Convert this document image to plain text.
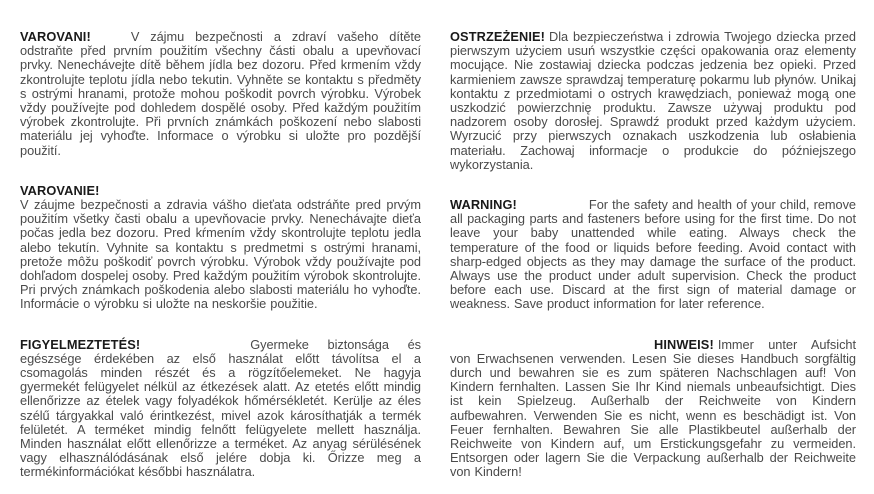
VAROVANI!	V zájmu bezpečnosti a zdraví vašeho dítěte odstraňte před prvním použitím všechny části obalu a upevňovací prvky. Nenechávejte dítě během jídla bez dozoru. Před krmením vždy zkontrolujte teplotu jídla nebo tekutin. Vyhněte se kontaktu s předměty s ostrými hranami, protože mohou poškodit povrch výrobku. Výrobek vždy používejte pod dohledem dospělé osoby. Před každým použitím výrobek zkontrolujte. Při prvních známkách poškození nebo slabosti materiálu jej vyhoďte. Informace o výrobku si uložte pro pozdější použití.

VAROVANIE!
V záujme bezpečnosti a zdravia vášho dieťata odstráňte pred prvým použitím všetky časti obalu a upevňovacie prvky. Nenechávajte dieťa počas jedla bez dozoru. Pred kŕmením vždy skontrolujte teplotu jedla alebo tekutín. Vyhnite sa kontaktu s predmetmi s ostrými hranami, pretože môžu poškodiť povrch výrobku. Výrobok vždy používajte pod dohľadom dospelej osoby. Pred každým použitím výrobok skontrolujte. Pri prvých známkach poškodenia alebo slabosti materiálu ho vyhoďte. Informácie o výrobku si uložte na neskoršie použitie.

FIGYELMEZTETÉS!	Gyermeke biztonsága és egészsége érdekében az első használat előtt távolítsa el a csomagolás minden részét és a rögzítőelemeket. Ne hagyja gyermekét felügyelet nélkül az étkezések alatt. Az etetés előtt mindig ellenőrizze az ételek vagy folyadékok hőmérsékletét. Kerülje az éles szélű tárgyakkal való érintkezést, mivel azok károsíthatják a termék felületét. A terméket mindig felnőtt felügyelete mellett használja. Minden használat előtt ellenőrizze a terméket. Az anyag sérülésének vagy elhasználódásának első jelére dobja ki. Őrizze meg a termékinformációkat későbbi használatra.

OSTRZEŻENIE! Dla bezpieczeństwa i zdrowia Twojego dziecka przed pierwszym użyciem usuń wszystkie części opakowania oraz elementy mocujące. Nie zostawiaj dziecka podczas jedzenia bez opieki. Przed karmieniem zawsze sprawdzaj temperaturę pokarmu lub płynów. Unikaj kontaktu z przedmiotami o ostrych krawędziach, ponieważ mogą one uszkodzić powierzchnię produktu. Zawsze używaj produktu pod nadzorem osoby dorosłej. Sprawdź produkt przed każdym użyciem. Wyrzucić przy pierwszych oznakach uszkodzenia lub osłabienia materiału. Zachowaj informacje o produkcie do późniejszego wykorzystania.

WARNING!	For the safety and health of your child, remove all packaging parts and fasteners before using for the first time. Do not leave your baby unattended while eating. Always check the temperature of the food or liquids before feeding. Avoid contact with sharp-edged objects as they may damage the surface of the product. Always use the product under adult supervision. Check the product before each use. Discard at the first sign of material damage or weakness. Save product information for later reference.

HINWEIS! Immer unter Aufsicht von Erwachsenen verwenden. Lesen Sie dieses Handbuch sorgfältig durch und bewahren sie es zum späteren Nachschlagen auf! Von Kindern fernhalten. Lassen Sie Ihr Kind niemals unbeaufsichtigt. Dies ist kein Spielzeug. Außerhalb der Reichweite von Kindern aufbewahren. Verwenden Sie es nicht, wenn es beschädigt ist. Von Feuer fernhalten. Bewahren Sie alle Plastikbeutel außerhalb der Reichweite von Kindern auf, um Erstickungsgefahr zu vermeiden. Entsorgen oder lagern Sie die Verpackung außerhalb der Reichweite von Kindern!
